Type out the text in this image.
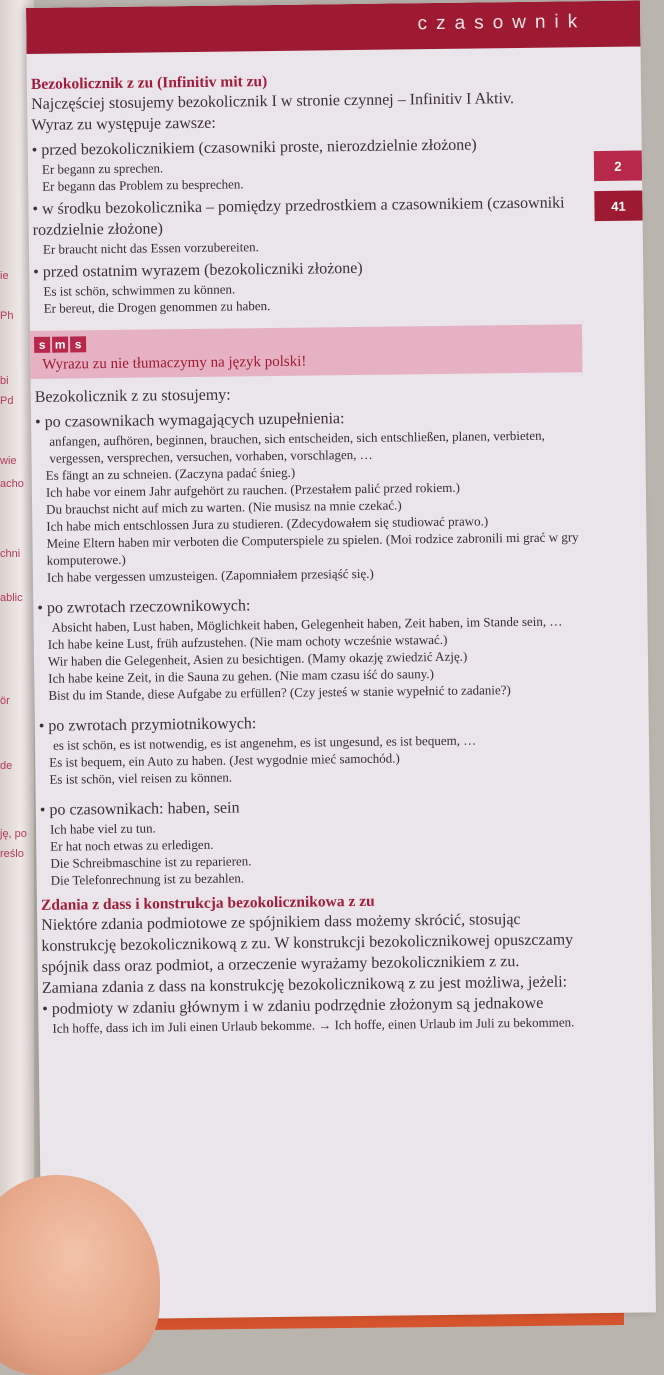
ie
Ph
bi
Pd
wie
acho
chni
ablic
ör
de
ję, po
reślo
czasownik
2
41

Bezokolicznik z zu (Infinitiv mit zu)

Najczęściej stosujemy bezokolicznik I w stronie czynnej – Infinitiv I Aktiv.

Wyraz zu występuje zawsze:

• przed bezokolicznikiem (czasowniki proste, nierozdzielnie złożone)

Er begann zu sprechen.

Er begann das Problem zu besprechen.

• w środku bezokolicznika – pomiędzy przedrostkiem a czasownikiem (czasowniki rozdzielnie złożone)

Er braucht nicht das Essen vorzubereiten.

• przed ostatnim wyrazem (bezokoliczniki złożone)

Es ist schön, schwimmen zu können.

Er bereut, die Drogen genommen zu haben.

s m s
Wyrazu zu nie tłumaczymy na język polski!

Bezokolicznik z zu stosujemy:

• po czasownikach wymagających uzupełnienia:

anfangen, aufhören, beginnen, brauchen, sich entscheiden, sich entschließen, planen, verbieten, vergessen, versprechen, versuchen, vorhaben, vorschlagen, …

Es fängt an zu schneien. (Zaczyna padać śnieg.)

Ich habe vor einem Jahr aufgehört zu rauchen. (Przestałem palić przed rokiem.)

Du brauchst nicht auf mich zu warten. (Nie musisz na mnie czekać.)

Ich habe mich entschlossen Jura zu studieren. (Zdecydowałem się studiować prawo.)

Meine Eltern haben mir verboten die Computerspiele zu spielen. (Moi rodzice zabronili mi grać w gry komputerowe.)

Ich habe vergessen umzusteigen. (Zapomniałem przesiąść się.)

• po zwrotach rzeczownikowych:

Absicht haben, Lust haben, Möglichkeit haben, Gelegenheit haben, Zeit haben, im Stande sein, …

Ich habe keine Lust, früh aufzustehen. (Nie mam ochoty wcześnie wstawać.)

Wir haben die Gelegenheit, Asien zu besichtigen. (Mamy okazję zwiedzić Azję.)

Ich habe keine Zeit, in die Sauna zu gehen. (Nie mam czasu iść do sauny.)

Bist du im Stande, diese Aufgabe zu erfüllen? (Czy jesteś w stanie wypełnić to zadanie?)

• po zwrotach przymiotnikowych:

es ist schön, es ist notwendig, es ist angenehm, es ist ungesund, es ist bequem, …

Es ist bequem, ein Auto zu haben. (Jest wygodnie mieć samochód.)

Es ist schön, viel reisen zu können.

• po czasownikach: haben, sein

Ich habe viel zu tun.

Er hat noch etwas zu erledigen.

Die Schreibmaschine ist zu reparieren.

Die Telefonrechnung ist zu bezahlen.

Zdania z dass i konstrukcja bezokolicznikowa z zu

Niektóre zdania podmiotowe ze spójnikiem dass możemy skrócić, stosując konstrukcję bezokolicznikową z zu. W konstrukcji bezokolicznikowej opuszczamy spójnik dass oraz podmiot, a orzeczenie wyrażamy bezokolicznikiem z zu.

Zamiana zdania z dass na konstrukcję bezokolicznikową z zu jest możliwa, jeżeli:

• podmioty w zdaniu głównym i w zdaniu podrzędnie złożonym są jednakowe

Ich hoffe, dass ich im Juli einen Urlaub bekomme. → Ich hoffe, einen Urlaub im Juli zu bekommen.
